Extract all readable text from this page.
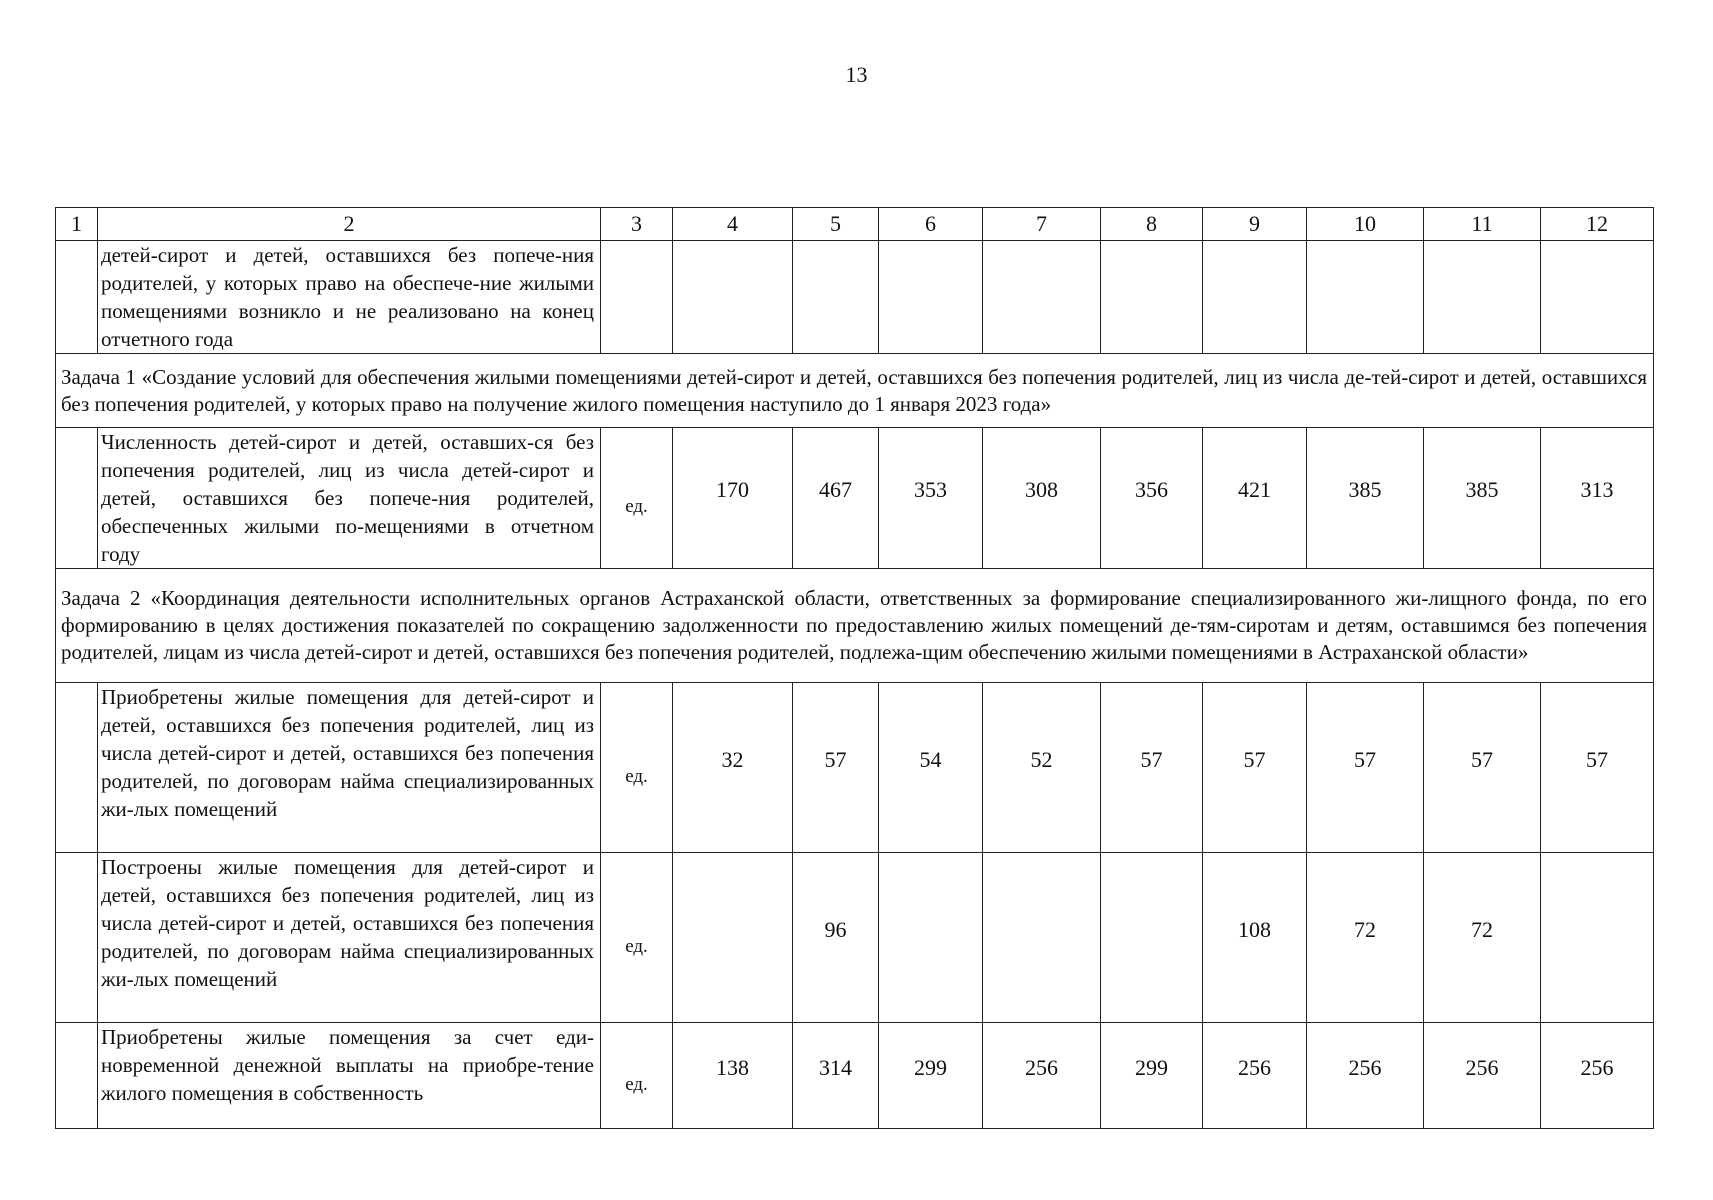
13
1	2	3	4	5	6	7	8	9	10	11	12
	детей-сирот и детей, оставшихся без попече-ния родителей, у которых право на обеспече-ние жилыми помещениями возникло и не реализовано на конец отчетного года										
Задача 1 «Создание условий для обеспечения жилыми помещениями детей-сирот и детей, оставшихся без попечения родителей, лиц из числа де-тей-сирот и детей, оставшихся без попечения родителей, у которых право на получение жилого помещения наступило до 1 января 2023 года»											
	Численность детей-сирот и детей, оставших-ся без попечения родителей, лиц из числа детей-сирот и детей, оставшихся без попече-ния родителей, обеспеченных жилыми по-мещениями в отчетном году	ед.	170	467	353	308	356	421	385	385	313
Задача 2 «Координация деятельности исполнительных органов Астраханской области, ответственных за формирование специализированного жи-лищного фонда, по его формированию в целях достижения показателей по сокращению задолженности по предоставлению жилых помещений де-тям-сиротам и детям, оставшимся без попечения родителей, лицам из числа детей-сирот и детей, оставшихся без попечения родителей, подлежа-щим обеспечению жилыми помещениями в Астраханской области»											
	Приобретены жилые помещения для детей-сирот и детей, оставшихся без попечения родителей, лиц из числа детей-сирот и детей, оставшихся без попечения родителей, по договорам найма специализированных жи-лых помещений	ед.	32	57	54	52	57	57	57	57	57
	Построены жилые помещения для детей-сирот и детей, оставшихся без попечения родителей, лиц из числа детей-сирот и детей, оставшихся без попечения родителей, по договорам найма специализированных жи-лых помещений	ед.		96				108	72	72	
	Приобретены жилые помещения за счет еди-новременной денежной выплаты на приобре-тение жилого помещения в собственность	ед.	138	314	299	256	299	256	256	256	256
